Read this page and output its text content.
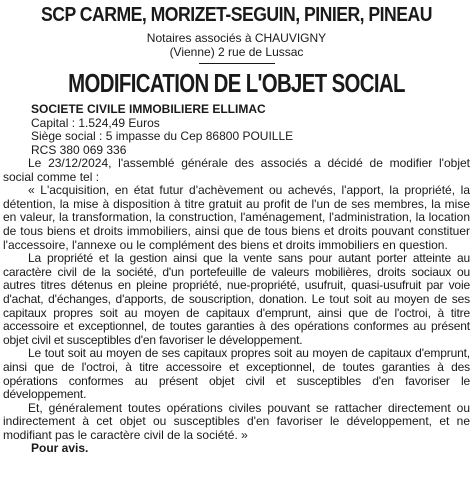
SCP CARME, MORIZET-SEGUIN, PINIER, PINEAU

Notaires associés à CHAUVIGNY

(Vienne) 2 rue de Lussac

MODIFICATION DE L'OBJET SOCIAL

SOCIETE CIVILE IMMOBILIERE ELLIMAC

Capital : 1.524,49 Euros

Siège social : 5 impasse du Cep 86800 POUILLE

RCS 380 069 336

Le 23/12/2024, l'assemblé générale des associés a décidé de modifier l'objet social comme tel :

« L'acquisition, en état futur d'achèvement ou achevés, l'apport, la propriété, la détention, la mise à disposition à titre gratuit au profit de l'un de ses membres, la mise en valeur, la transformation, la construction, l'aménagement, l'administration, la location de tous biens et droits immobiliers, ainsi que de tous biens et droits pouvant constituer l'accessoire, l'annexe ou le complément des biens et droits immobiliers en question.

La propriété et la gestion ainsi que la vente sans pour autant porter atteinte au caractère civil de la société, d'un portefeuille de valeurs mobilières, droits sociaux ou autres titres détenus en pleine propriété, nue-propriété, usufruit, quasi-usufruit par voie d'achat, d'échanges, d'apports, de souscription, donation. Le tout soit au moyen de ses capitaux propres soit au moyen de capitaux d'emprunt, ainsi que de l'octroi, à titre accessoire et exceptionnel, de toutes garanties à des opérations conformes au présent objet civil et susceptibles d'en favoriser le développement.

Le tout soit au moyen de ses capitaux propres soit au moyen de capitaux d'emprunt, ainsi que de l'octroi, à titre accessoire et exceptionnel, de toutes garanties à des opérations conformes au présent objet civil et susceptibles d'en favoriser le développement.

Et, généralement toutes opérations civiles pouvant se rattacher directement ou indirectement à cet objet ou susceptibles d'en favoriser le développement, et ne modifiant pas le caractère civil de la société. »

Pour avis.
